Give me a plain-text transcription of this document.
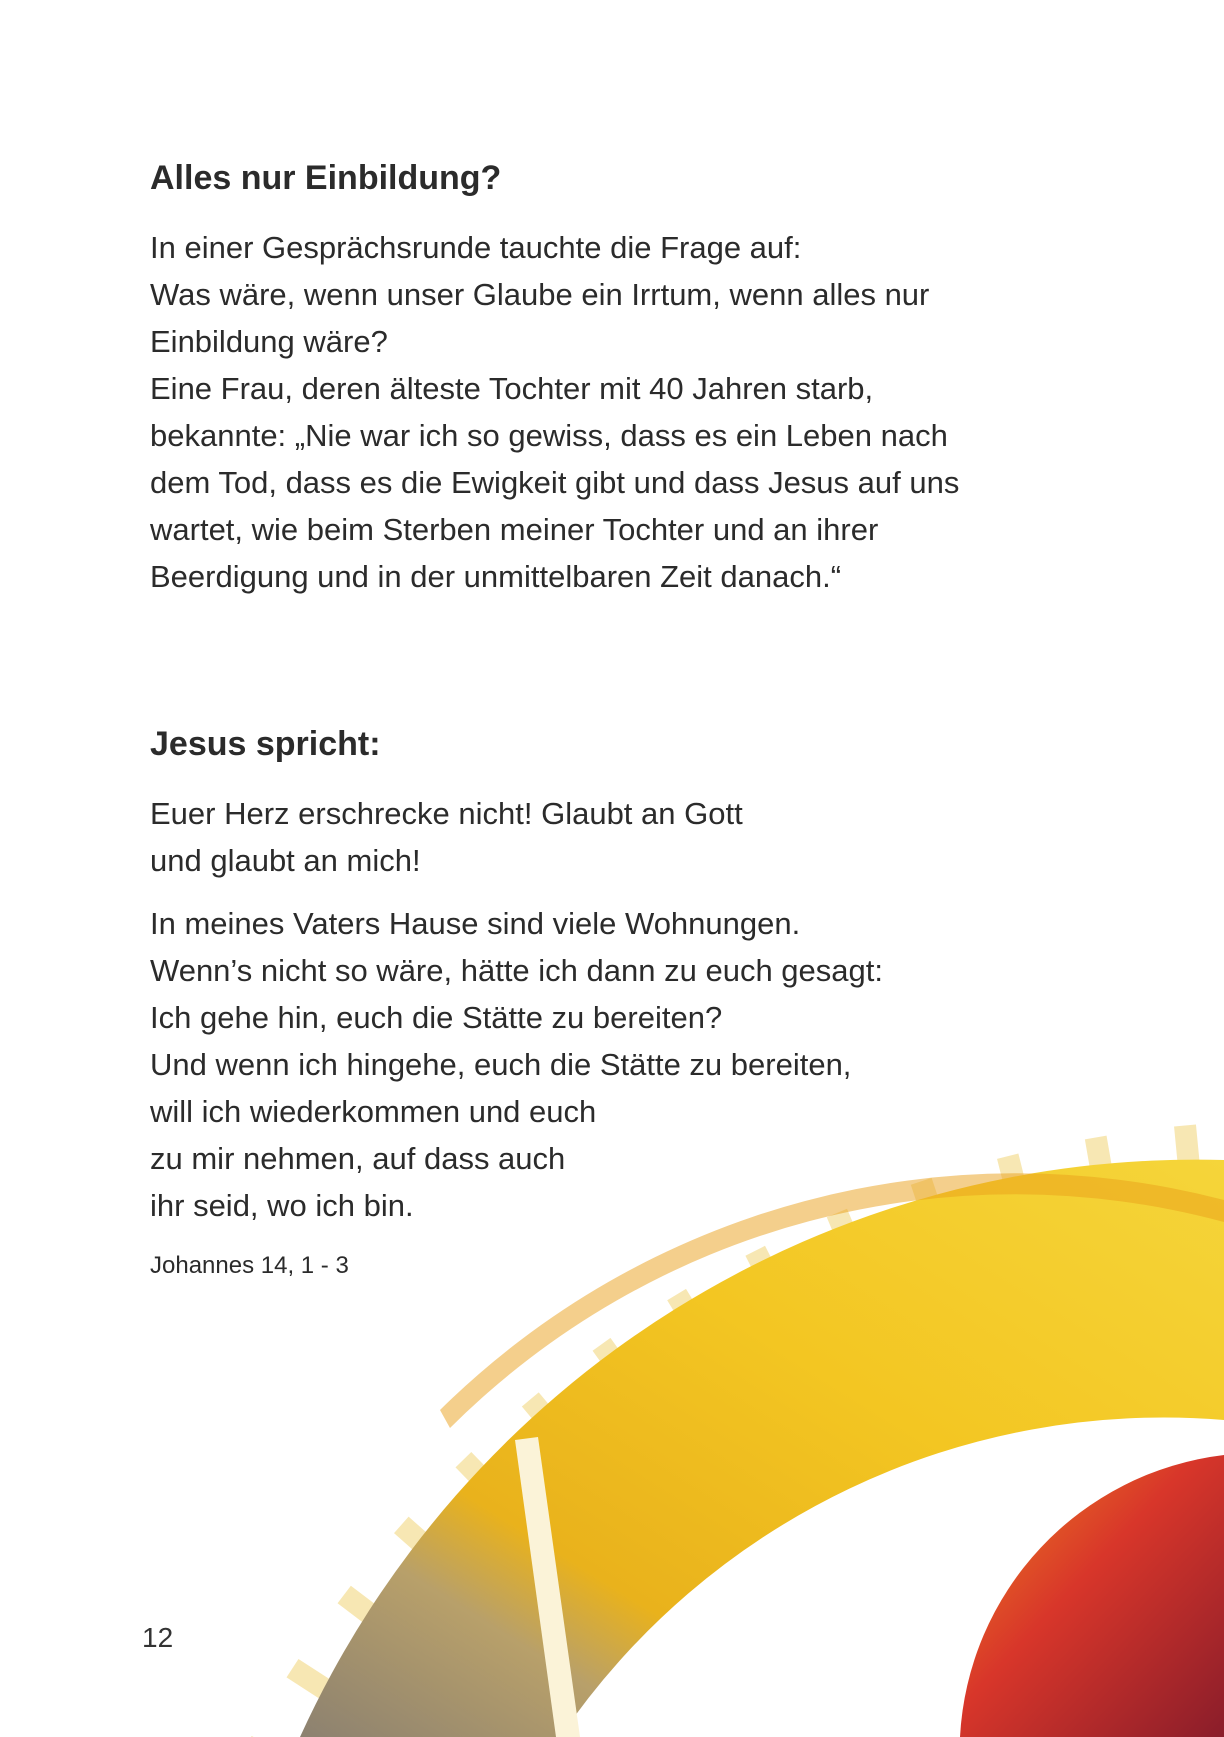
Alles nur Einbildung?
In einer Gesprächsrunde tauchte die Frage auf:
Was wäre, wenn unser Glaube ein Irrtum, wenn alles nur
Einbildung wäre?
Eine Frau, deren älteste Tochter mit 40 Jahren starb,
bekannte: „Nie war ich so gewiss, dass es ein Leben nach
dem Tod, dass es die Ewigkeit gibt und dass Jesus auf uns
wartet, wie beim Sterben meiner Tochter und an ihrer
Beerdigung und in der unmittelbaren Zeit danach.“
Jesus spricht:
Euer Herz erschrecke nicht! Glaubt an Gott
und glaubt an mich!
In meines Vaters Hause sind viele Wohnungen.
Wenn’s nicht so wäre, hätte ich dann zu euch gesagt:
Ich gehe hin, euch die Stätte zu bereiten?
Und wenn ich hingehe, euch die Stätte zu bereiten,
will ich wiederkommen und euch
zu mir nehmen, auf dass auch
ihr seid, wo ich bin.
Johannes 14, 1 - 3
12
